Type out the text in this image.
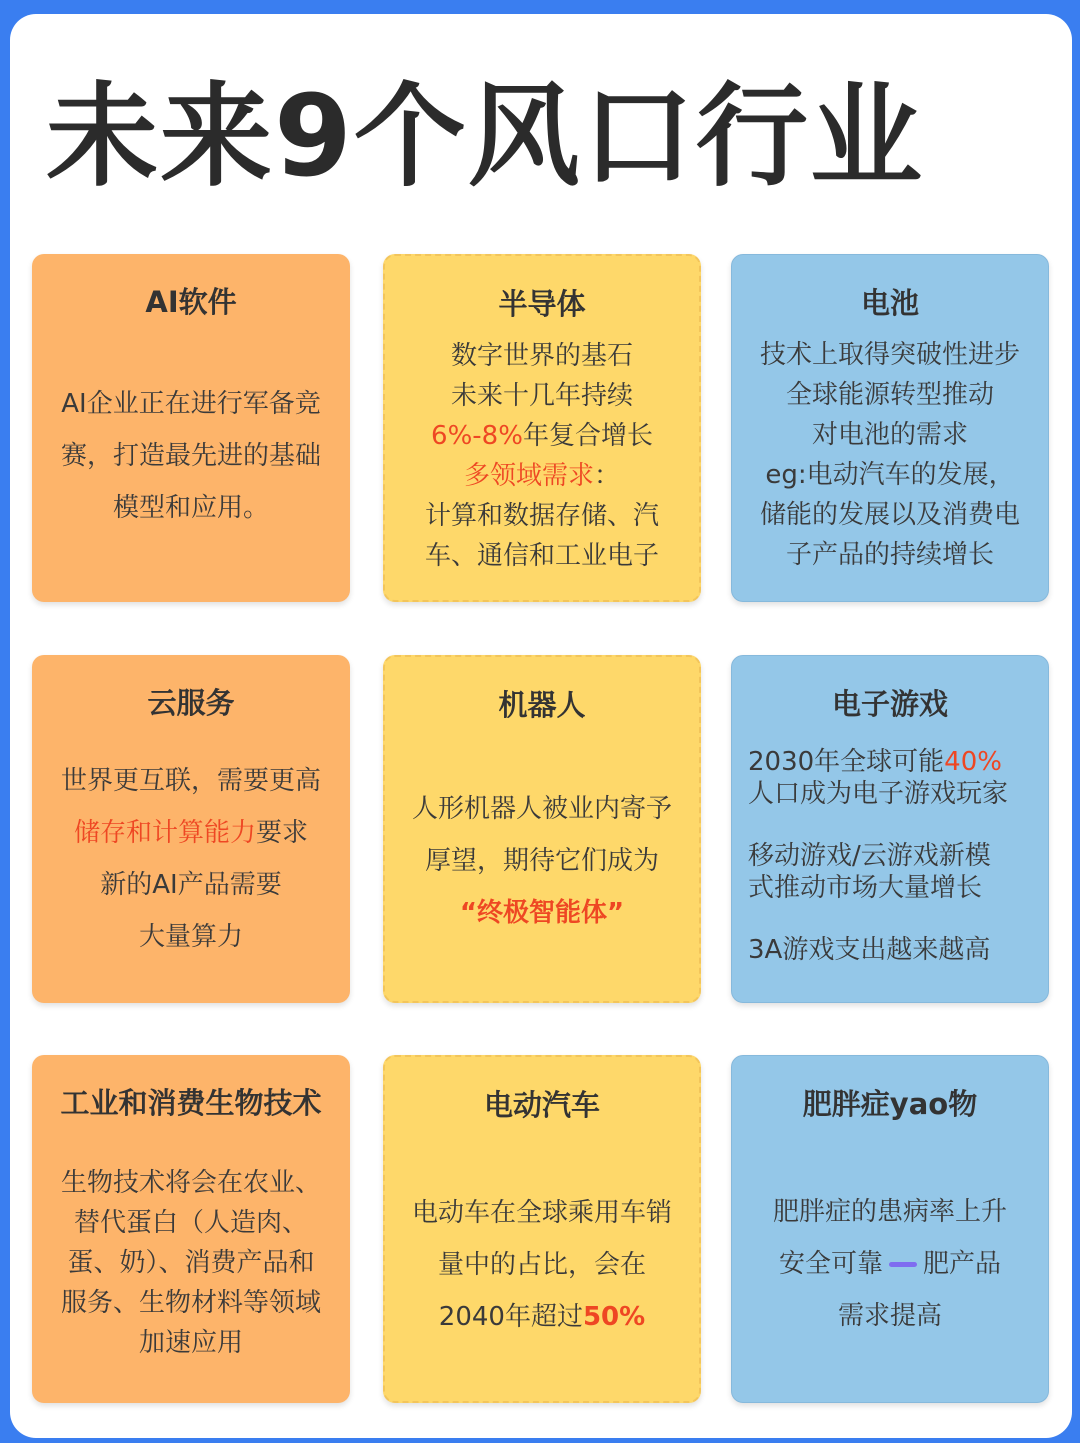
未来9个风口行业
AI软件
AI企业正在进行军备竞
赛，打造最先进的基础
模型和应用。
半导体
数字世界的基石
未来十几年持续
6%-8%年复合增长
多领域需求：
计算和数据存储、汽
车、通信和工业电子
电池
技术上取得突破性进步
全球能源转型推动
对电池的需求
eg:电动汽车的发展，
储能的发展以及消费电
子产品的持续增长
云服务
世界更互联，需要更高
储存和计算能力要求
新的AI产品需要
大量算力
机器人
人形机器人被业内寄予
厚望，期待它们成为
“终极智能体”
电子游戏
2030年全球可能40%
人口成为电子游戏玩家
移动游戏/云游戏新模
式推动市场大量增长
3A游戏支出越来越高
工业和消费生物技术
生物技术将会在农业、
替代蛋白（人造肉、
蛋、奶）、消费产品和
服务、生物材料等领域
加速应用
电动汽车
电动车在全球乘用车销
量中的占比，会在
2040年超过50%
肥胖症yao物
肥胖症的患病率上升
安全可靠 肥产品
需求提高
